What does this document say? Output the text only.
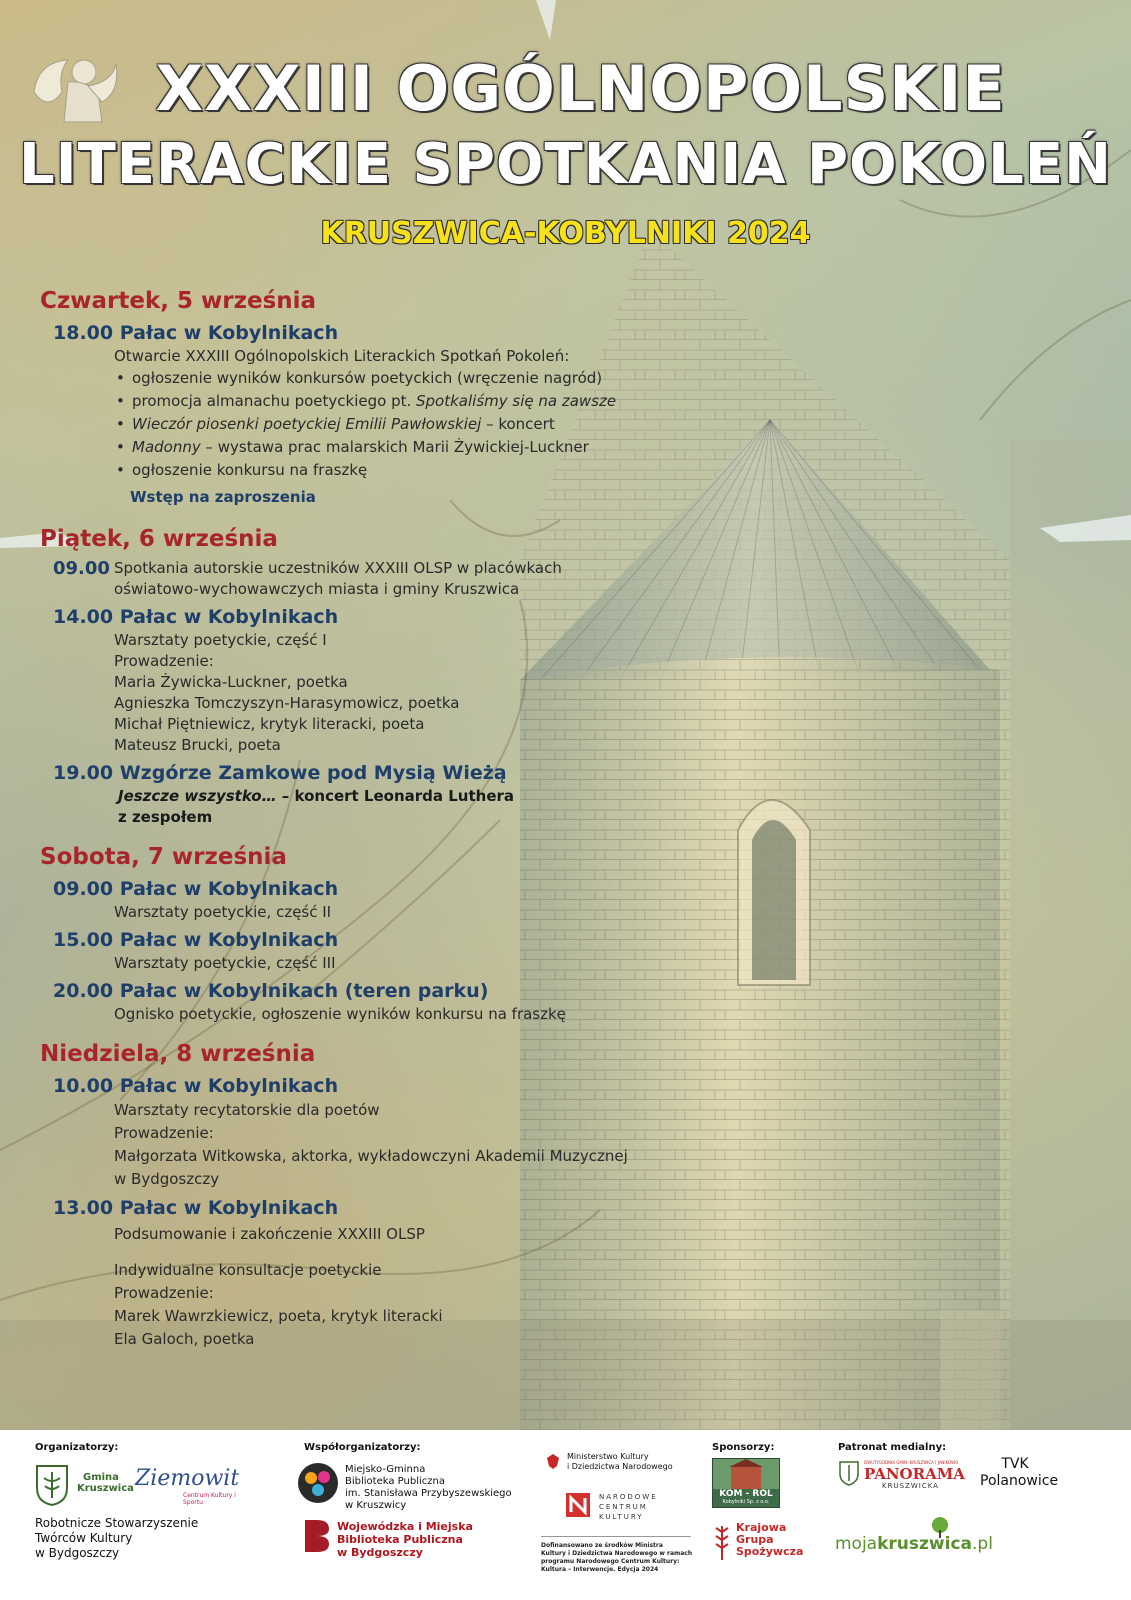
XXXIII OGÓLNOPOLSKIE
LITERACKIE SPOTKANIA POKOLEŃ
KRUSZWICA-KOBYLNIKI 2024
Czwartek, 5 września
18.00 Pałac w Kobylnikach
Otwarcie XXXIII Ogólnopolskich Literackich Spotkań Pokoleń:
• ogłoszenie wyników konkursów poetyckich (wręczenie nagród)
• promocja almanachu poetyckiego pt. Spotkaliśmy się na zawsze
• Wieczór piosenki poetyckiej Emilii Pawłowskiej – koncert
• Madonny – wystawa prac malarskich Marii Żywickiej-Luckner
• ogłoszenie konkursu na fraszkę
Wstęp na zaproszenia
Piątek, 6 września
09.00 Spotkania autorskie uczestników XXXIII OLSP w placówkach
oświatowo-wychowawczych miasta i gminy Kruszwica
14.00 Pałac w Kobylnikach
Warsztaty poetyckie, część I
Prowadzenie:
Maria Żywicka-Luckner, poetka
Agnieszka Tomczyszyn-Harasymowicz, poetka
Michał Piętniewicz, krytyk literacki, poeta
Mateusz Brucki, poeta
19.00 Wzgórze Zamkowe pod Mysią Wieżą
Jeszcze wszystko… – koncert Leonarda Luthera
z zespołem
Sobota, 7 września
09.00 Pałac w Kobylnikach
Warsztaty poetyckie, część II
15.00 Pałac w Kobylnikach
Warsztaty poetyckie, część III
20.00 Pałac w Kobylnikach (teren parku)
Ognisko poetyckie, ogłoszenie wyników konkursu na fraszkę
Niedziela, 8 września
10.00 Pałac w Kobylnikach
Warsztaty recytatorskie dla poetów
Prowadzenie:
Małgorzata Witkowska, aktorka, wykładowczyni Akademii Muzycznej
w Bydgoszczy
13.00 Pałac w Kobylnikach
Podsumowanie i zakończenie XXXIII OLSP
Indywidualne konsultacje poetyckie
Prowadzenie:
Marek Wawrzkiewicz, poeta, krytyk literacki
Ela Galoch, poetka
Organizatorzy:
Gmina
Kruszwica Ziemowit
Centrum Kultury i Sportu
Robotnicze Stowarzyszenie
Twórców Kultury
w Bydgoszczy
Współorganizatorzy:
Miejsko-Gminna
Biblioteka Publiczna
im. Stanisława Przybyszewskiego
w Kruszwicy
Wojewódzka i Miejska
Biblioteka Publiczna
w Bydgoszczy
Ministerstwo Kultury
i Dziedzictwa Narodowego
NARODOWE
CENTRUM
KULTURY
Dofinansowano ze środków Ministra
Kultury i Dziedzictwa Narodowego w ramach
programu Narodowego Centrum Kultury:
Kultura – Interwencje. Edycja 2024
Sponsorzy:
KOM - ROL
Kobylniki Sp. z o.o.
Krajowa
Grupa
Spożywcza
Patronat medialny:
DWUTYGODNIK GMIN: KRUSZWICA I JANIKOWO
PANORAMA
KRUSZWICKA
TVK
Polanowice
mojakruszwica.pl
